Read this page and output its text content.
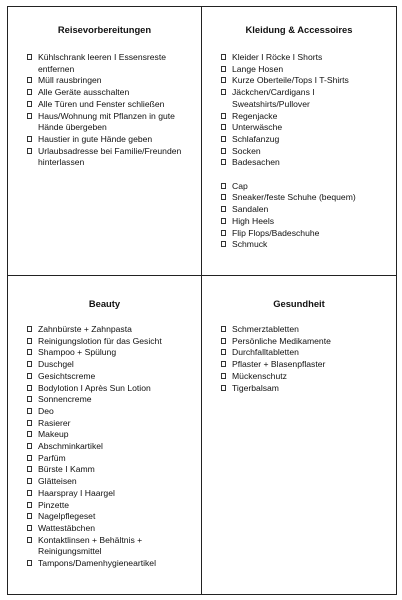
Reisevorbereitungen
Kühlschrank leeren I Essensreste entfernen
Müll rausbringen
Alle Geräte ausschalten
Alle Türen und Fenster schließen
Haus/Wohnung mit Pflanzen in gute Hände übergeben
Haustier in gute Hände geben
Urlaubsadresse bei Familie/Freunden hinterlassen
Kleidung & Accessoires
Kleider I Röcke I Shorts
Lange Hosen
Kurze Oberteile/Tops I T-Shirts
Jäckchen/Cardigans I Sweatshirts/Pullover
Regenjacke
Unterwäsche
Schlafanzug
Socken
Badesachen
Cap
Sneaker/feste Schuhe (bequem)
Sandalen
High Heels
Flip Flops/Badeschuhe
Schmuck
Beauty
Zahnbürste + Zahnpasta
Reinigungslotion für das Gesicht
Shampoo + Spülung
Duschgel
Gesichtscreme
Bodylotion I Après Sun Lotion
Sonnencreme
Deo
Rasierer
Makeup
Abschminkartikel
Parfüm
Bürste I Kamm
Glätteisen
Haarspray I Haargel
Pinzette
Nagelpflegeset
Wattestäbchen
Kontaktlinsen + Behältnis + Reinigungsmittel
Tampons/Damenhygieneartikel
Gesundheit
Schmerztabletten
Persönliche Medikamente
Durchfalltabletten
Pflaster + Blasenpflaster
Mückenschutz
Tigerbalsam
